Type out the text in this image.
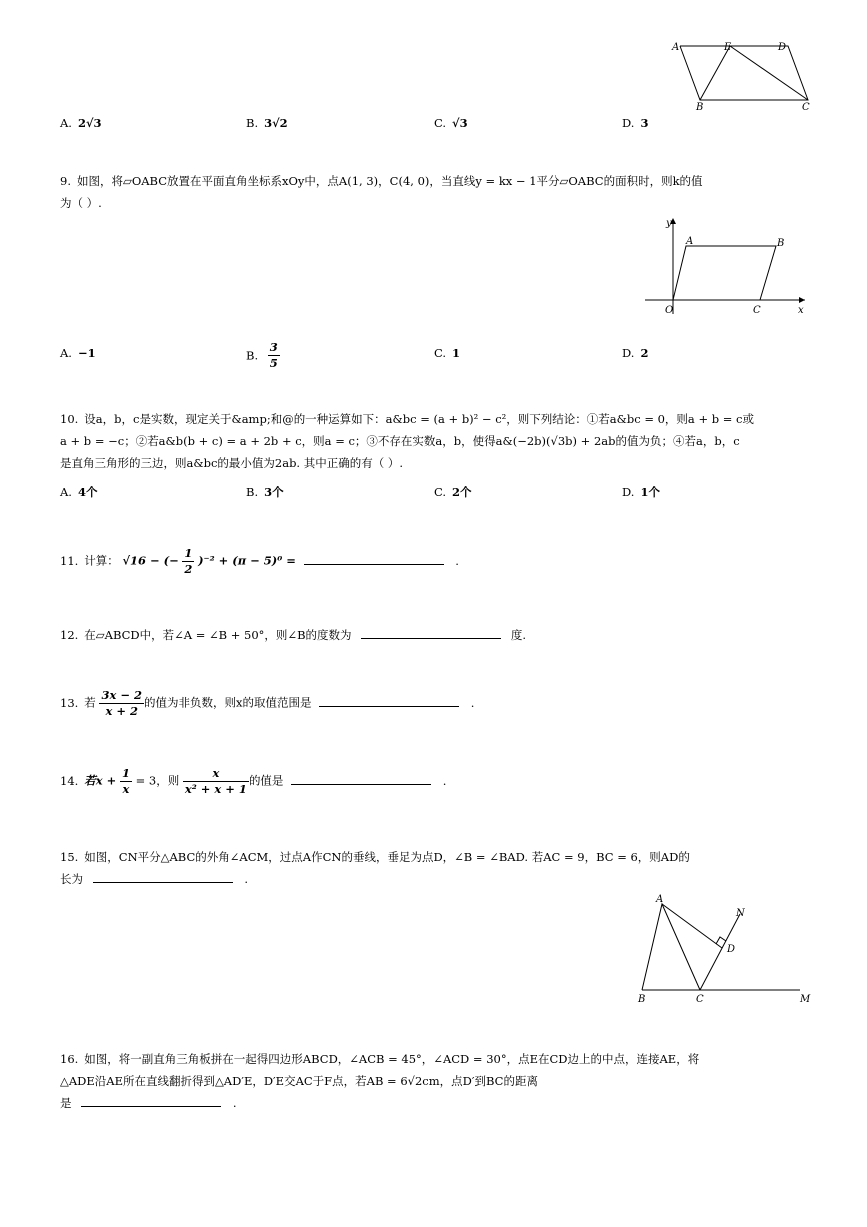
A	E	D
B	C
A. 2√3	B. 3√2	C. √3	D. 3
9. 如图，将▱OABC放置在平面直角坐标系xOy中，点A(1, 3)，C(4, 0)，当直线y = kx − 1平分▱OABC的面积时，则k的值
为（ ）.
y
A	B
O	C	x
A. −1	B. $\frac{3}{5}$	C. 1	D. 2
10. 设a，b，c是实数，现定关于&amp;和@的一种运算如下：a&bc = (a + b)² − c²，则下列结论：①若a&bc = 0，则a + b = c或
a + b = −c；②若a&b(b + c) = a + 2b + c，则a = c；③不存在实数a，b，使得a&(−2b)(√3b) + 2ab的值为负；④若a，b，c
是直角三角形的三边，则a&bc的最小值为2ab. 其中正确的有（ ）.
A. 4个	B. 3个	C. 2个	D. 1个
11. 计算： √16 − (− $\frac{1}{2} )^{-2} + (\pi - 5)^0$ =	.
12. 在▱ABCD中，若∠A = ∠B + 50°，则∠B的度数为	度.
13. 若 $\frac{3x - 2}{x + 2}$ 的值为非负数，则x的取值范围是	.
14. 若$x + \frac{1}{x} = 3$，则 $\frac{x}{\text{x² + x + 1}}$ 的值是	.
15. 如图，CN平分△ABC的外角∠ACM，过点A作CN的垂线，垂足为点D，∠B = ∠BAD. 若AC = 9，BC = 6，则AD的
长为	.
A
N
D
B	C	M
16. 如图，将一副直角三角板拼在一起得四边形ABCD，∠ACB = 45°，∠ACD = 30°，点E在CD边上的中点，连接AE，将
△ADE沿AE所在直线翻折得到△AD′E，D′E交AC于F点，若AB = 6√2cm，点D′到BC的距离
是	.
